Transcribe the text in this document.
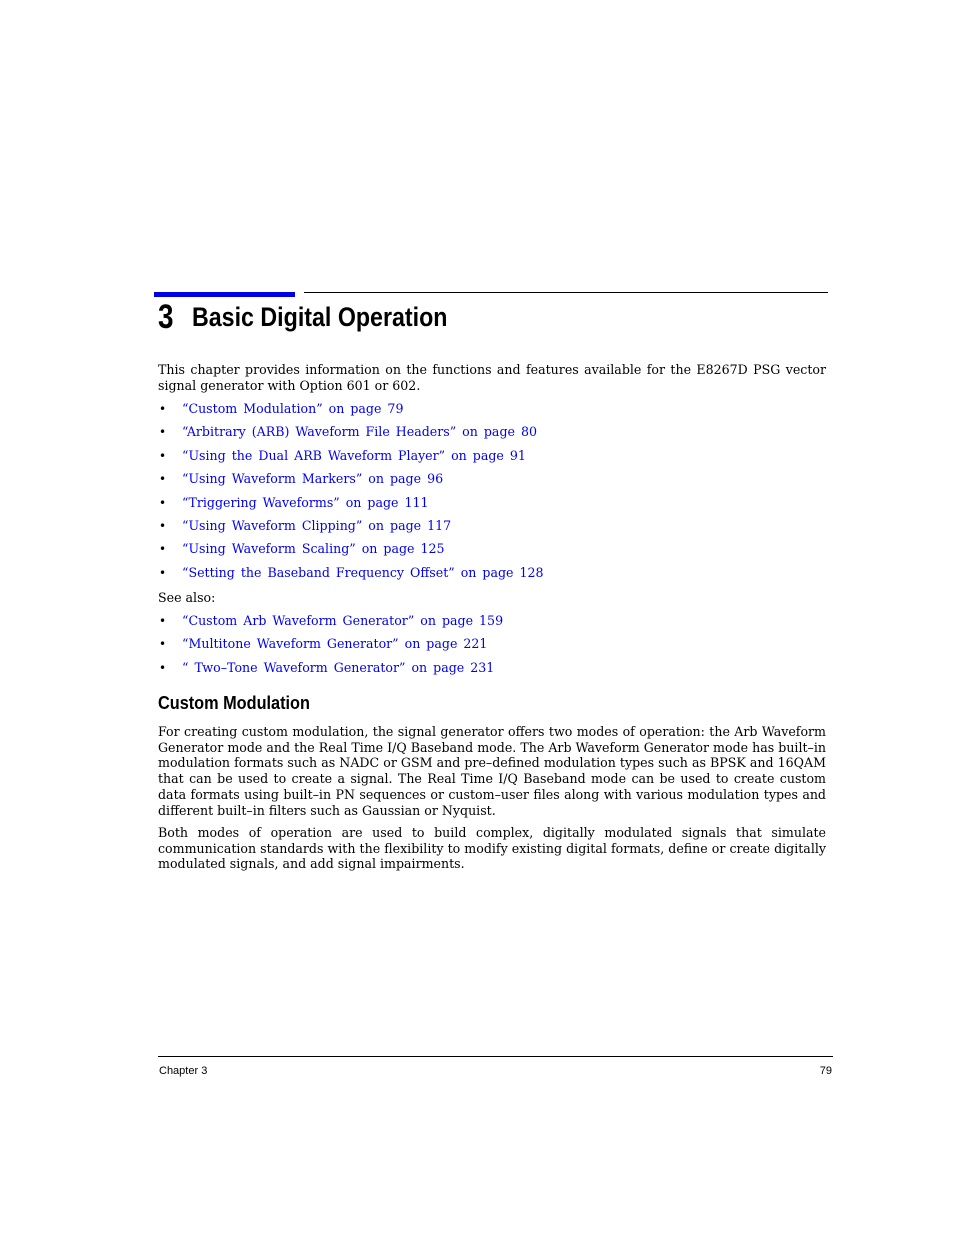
3 Basic Digital Operation

This chapter provides information on the functions and features available for the E8267D PSG vector signal generator with Option 601 or 602.

• “Custom Modulation” on page 79
• “Arbitrary (ARB) Waveform File Headers” on page 80
• “Using the Dual ARB Waveform Player” on page 91
• “Using Waveform Markers” on page 96
• “Triggering Waveforms” on page 111
• “Using Waveform Clipping” on page 117
• “Using Waveform Scaling” on page 125
• “Setting the Baseband Frequency Offset” on page 128

See also:

• “Custom Arb Waveform Generator” on page 159
• “Multitone Waveform Generator” on page 221
• “ Two–Tone Waveform Generator” on page 231
Custom Modulation

For creating custom modulation, the signal generator offers two modes of operation: the Arb Waveform Generator mode and the Real Time I/Q Baseband mode. The Arb Waveform Generator mode has built–in modulation formats such as NADC or GSM and pre–defined modulation types such as BPSK and 16QAM that can be used to create a signal. The Real Time I/Q Baseband mode can be used to create custom data formats using built–in PN sequences or custom–user files along with various modulation types and different built–in filters such as Gaussian or Nyquist.

Both modes of operation are used to build complex, digitally modulated signals that simulate communication standards with the flexibility to modify existing digital formats, define or create digitally modulated signals, and add signal impairments.

Chapter 3	79
